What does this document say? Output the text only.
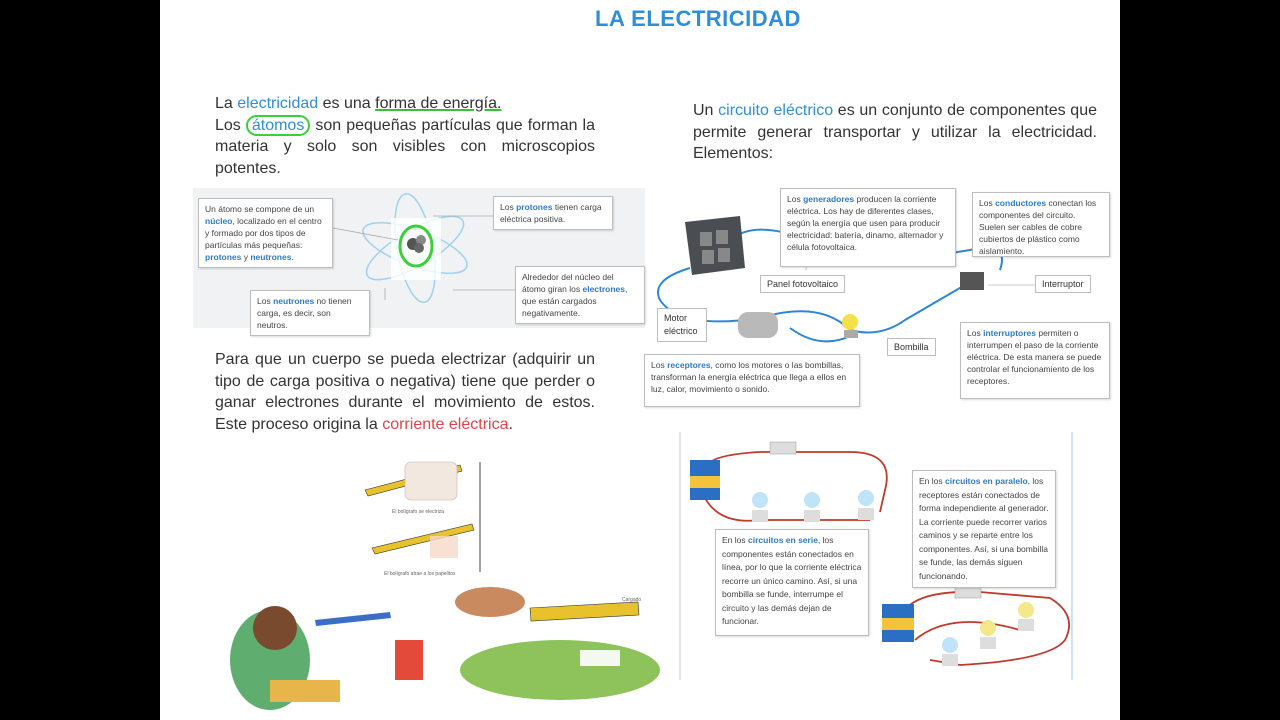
LA ELECTRICIDAD
La electricidad es una forma de energía.
Los átomos son pequeñas partículas que forman la materia y solo son visibles con microscopios potentes.
Un átomo se compone de un núcleo, localizado en el centro y formado por dos tipos de partículas más pequeñas: protones y neutrones.
Los protones tienen carga eléctrica positiva.
Los neutrones no tienen carga, es decir, son neutros.
Alrededor del núcleo del átomo giran los electrones, que están cargados negativamente.
Para que un cuerpo se pueda electrizar (adquirir un tipo de carga positiva o negativa) tiene que perder o ganar electrones durante el movimiento de estos. Este proceso origina la corriente eléctrica.
El bolígrafo se electriza
El bolígrafo atrae a los papelitos
Cargado
Un circuito eléctrico es un conjunto de componentes que permite generar transportar y utilizar la electricidad. Elementos:
Los generadores producen la corriente eléctrica. Los hay de diferentes clases, según la energía que usen para producir electricidad: batería, dinamo, alternador y célula fotovoltaica.
Los conductores conectan los componentes del circuito. Suelen ser cables de cobre cubiertos de plástico como aislamiento.
Panel fotovoltaico	Interruptor
Motor eléctrico
Bombilla
Los interruptores permiten o interrumpen el paso de la corriente eléctrica. De esta manera se puede controlar el funcionamiento de los receptores.
Los receptores, como los motores o las bombillas, transforman la energía eléctrica que llega a ellos en luz, calor, movimiento o sonido.
En los circuitos en paralelo, los receptores están conectados de forma independiente al generador. La corriente puede recorrer varios caminos y se reparte entre los componentes. Así, si una bombilla se funde, las demás siguen funcionando.
En los circuitos en serie, los componentes están conectados en línea, por lo que la corriente eléctrica recorre un único camino. Así, si una bombilla se funde, interrumpe el circuito y las demás dejan de funcionar.
